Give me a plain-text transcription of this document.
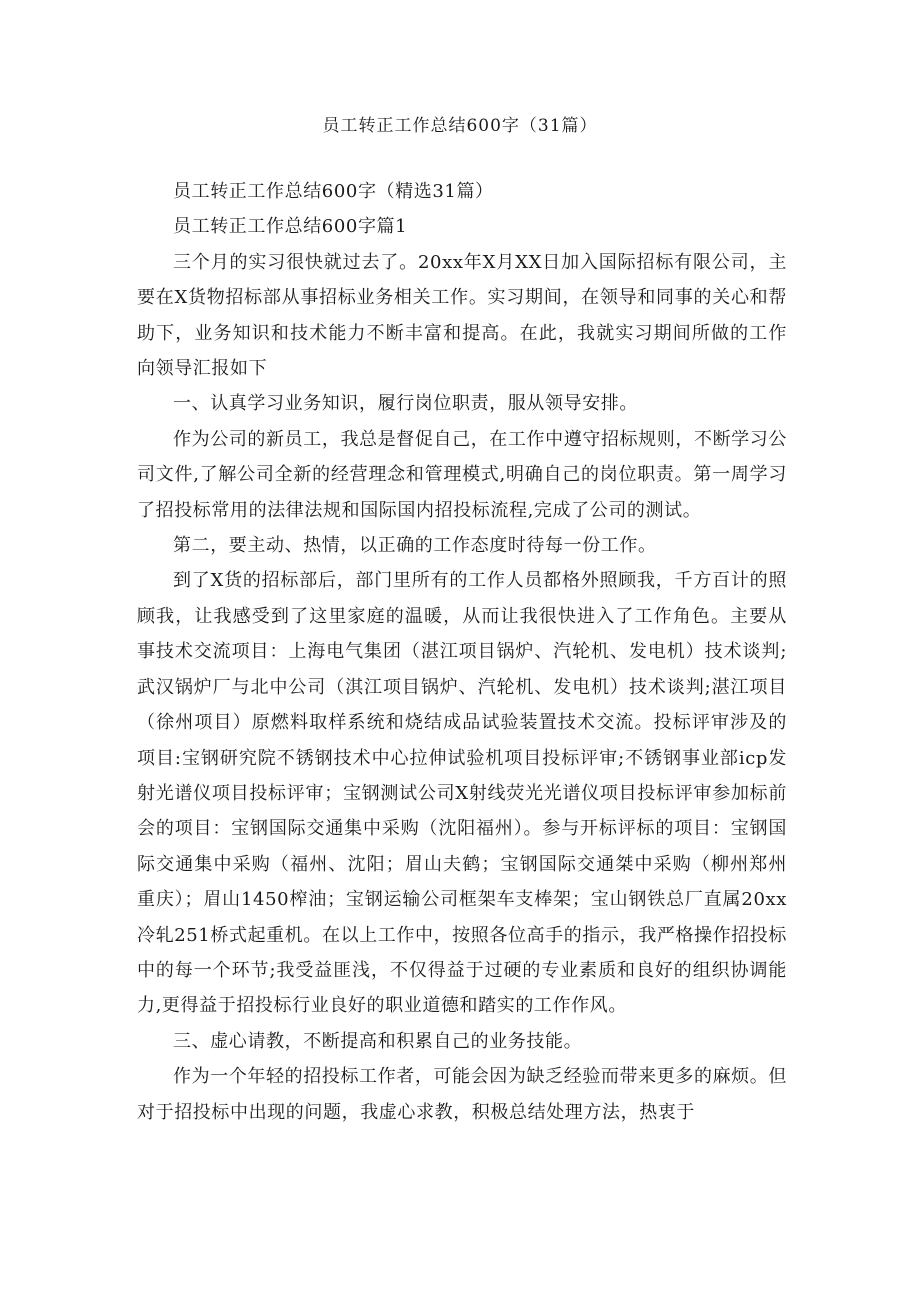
员工转正工作总结600字（31篇）

员工转正工作总结600字（精选31篇）

员工转正工作总结600字篇1

三个月的实习很快就过去了。20xx年X月XX日加入国际招标有限公司，主要在X货物招标部从事招标业务相关工作。实习期间，在领导和同事的关心和帮助下，业务知识和技术能力不断丰富和提高。在此，我就实习期间所做的工作向领导汇报如下

一、认真学习业务知识，履行岗位职责，服从领导安排。

作为公司的新员工，我总是督促自己，在工作中遵守招标规则，不断学习公司文件,了解公司全新的经营理念和管理模式,明确自己的岗位职责。第一周学习了招投标常用的法律法规和国际国内招投标流程,完成了公司的测试。

第二，要主动、热情，以正确的工作态度时待每一份工作。

到了X货的招标部后，部门里所有的工作人员都格外照顾我，千方百计的照顾我，让我感受到了这里家庭的温暖，从而让我很快进入了工作角色。主要从事技术交流项目：上海电气集团（湛江项目锅炉、汽轮机、发电机）技术谈判;武汉锅炉厂与北中公司（淇江项目锅炉、汽轮机、发电机）技术谈判;湛江项目（徐州项目）原燃料取样系统和烧结成品试验装置技术交流。投标评审涉及的项目:宝钢研究院不锈钢技术中心拉伸试验机项目投标评审;不锈钢事业部icp发射光谱仪项目投标评审；宝钢测试公司X射线荧光光谱仪项目投标评审参加标前会的项目：宝钢国际交通集中采购（沈阳福州）。参与开标评标的项目：宝钢国际交通集中采购（福州、沈阳；眉山夫鹤；宝钢国际交通桀中采购（柳州郑州重庆）；眉山1450榨油；宝钢运输公司框架车支棒架；宝山钢铁总厂直属20xx冷轧251桥式起重机。在以上工作中，按照各位高手的指示，我严格操作招投标中的每一个环节;我受益匪浅，不仅得益于过硬的专业素质和良好的组织协调能力,更得益于招投标行业良好的职业道德和踏实的工作作风。

三、虚心请教，不断提高和积累自己的业务技能。

作为一个年轻的招投标工作者，可能会因为缺乏经验而带来更多的麻烦。但对于招投标中出现的问题，我虚心求教，积极总结处理方法，热衷于
